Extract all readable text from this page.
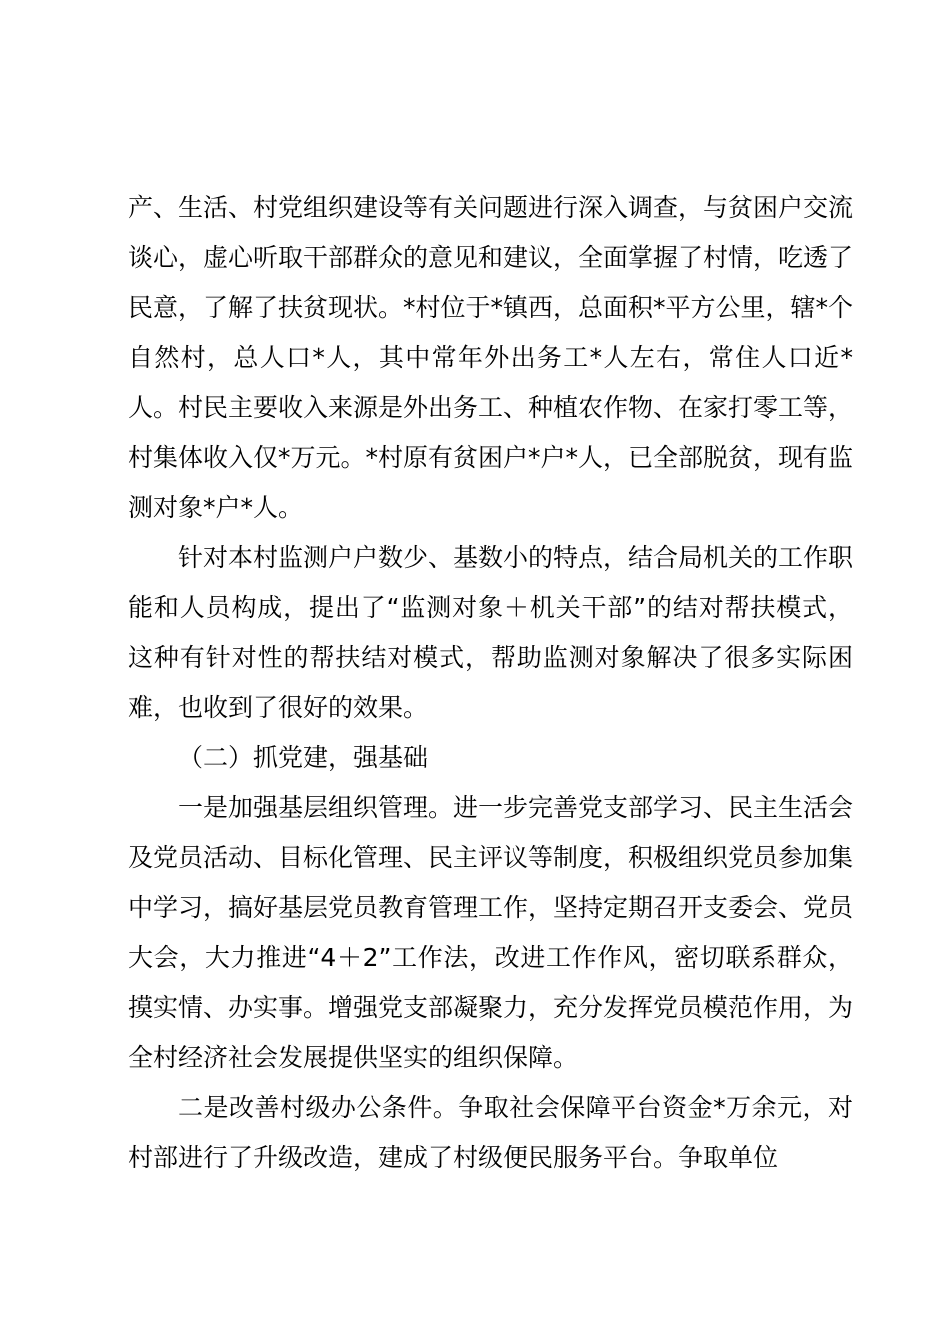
产、生活、村党组织建设等有关问题进行深入调查，与贫困户交流谈心，虚心听取干部群众的意见和建议，全面掌握了村情，吃透了民意，了解了扶贫现状。*村位于*镇西，总面积*平方公里，辖*个自然村，总人口*人，其中常年外出务工*人左右，常住人口近*人。村民主要收入来源是外出务工、种植农作物、在家打零工等，村集体收入仅*万元。*村原有贫困户*户*人，已全部脱贫，现有监测对象*户*人。

针对本村监测户户数少、基数小的特点，结合局机关的工作职能和人员构成，提出了“监测对象＋机关干部”的结对帮扶模式，这种有针对性的帮扶结对模式，帮助监测对象解决了很多实际困难，也收到了很好的效果。

（二）抓党建，强基础

一是加强基层组织管理。进一步完善党支部学习、民主生活会及党员活动、目标化管理、民主评议等制度，积极组织党员参加集中学习，搞好基层党员教育管理工作，坚持定期召开支委会、党员大会，大力推进“4＋2”工作法，改进工作作风，密切联系群众，摸实情、办实事。增强党支部凝聚力，充分发挥党员模范作用，为全村经济社会发展提供坚实的组织保障。

二是改善村级办公条件。争取社会保障平台资金*万余元，对村部进行了升级改造，建成了村级便民服务平台。争取单位
